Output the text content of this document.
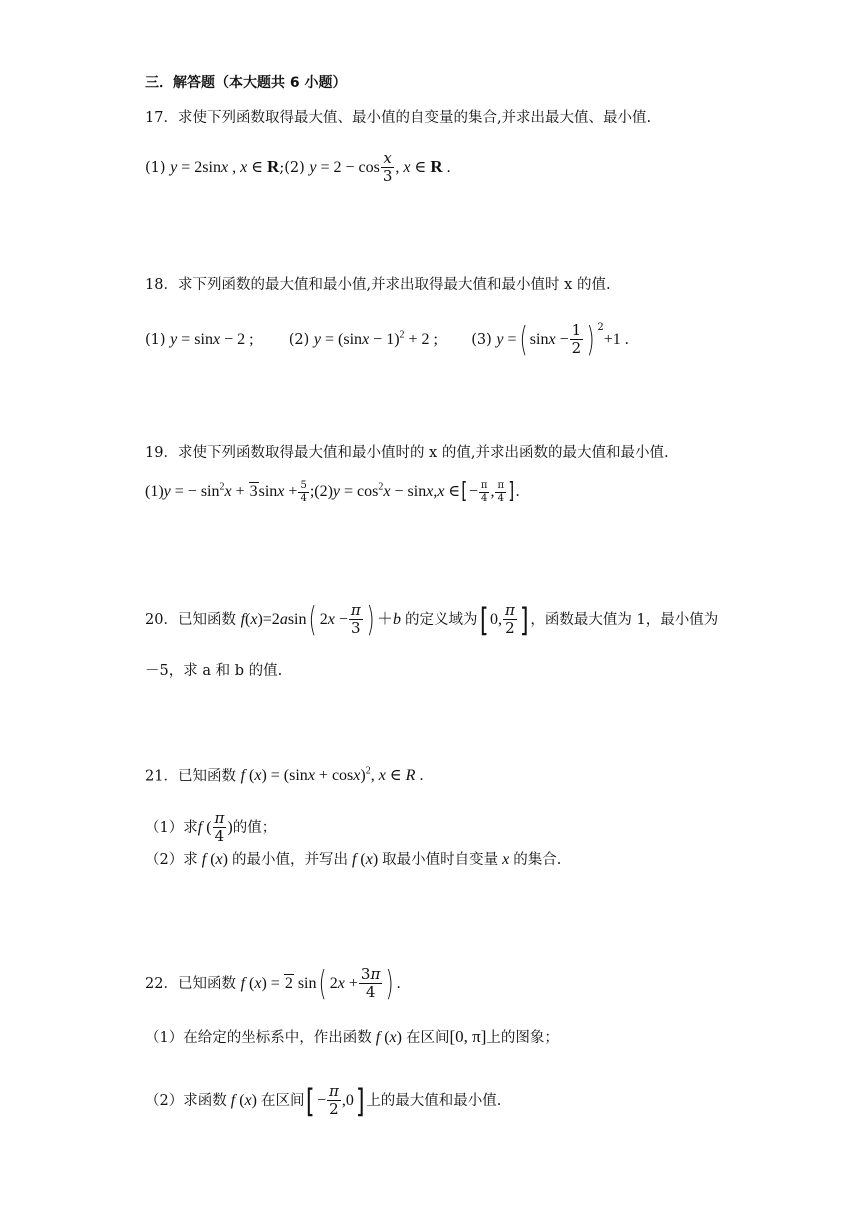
三．解答题（本大题共 6 小题）
17．求使下列函数取得最大值、最小值的自变量的集合,并求出最大值、最小值.
(1) y = 2sinx , x ∈ R;(2) $y = 2 - \cos \frac{x}{3}$ , x ∈ R .
18．求下列函数的最大值和最小值,并求出取得最大值和最小值时 x 的值.
(1) y = sinx − 2 ; (2) $y = (\sin x - 1)^2 + 2$ ; (3) y =( $\sin x - \frac{1}{2}$ ) $^2$+1 .
19．求使下列函数取得最大值和最小值时的 x 的值,并求出函数的最大值和最小值.
(1)y = − $\sin^2x + 3\sin x + \frac{5}{4}$ ;(2)y = $\cos^2x - \sin x,x$ ∈[− $\frac{\pi}{4}$ , $\frac{\pi}{4}$ ].
20．已知函数 f(x)=2asin( $2x - \frac{\pi}{3}$ ) ＋b 的定义域为[ 0, $\frac{\pi}{2}$ ] ，函数最大值为 1，最小值为
－5，求 a 和 b 的值.
21．已知函数 f $(x) = (\sin x + \cos x)^2$, x ∈ R .
（1）求f ( $\frac{\pi}{4}$ )的值；
（2）求 f (x) 的最小值，并写出 f (x) 取最小值时自变量 x 的集合.
22．已知函数 f (x) = 2 sin( $2x + \frac{3\pi}{4}$ ) .
（1）在给定的坐标系中，作出函数 f (x) 在区间[0, π]上的图象；
（2）求函数 f (x) 在区间[ − $\frac{\pi}{2} ,0$] 上的最大值和最小值.
